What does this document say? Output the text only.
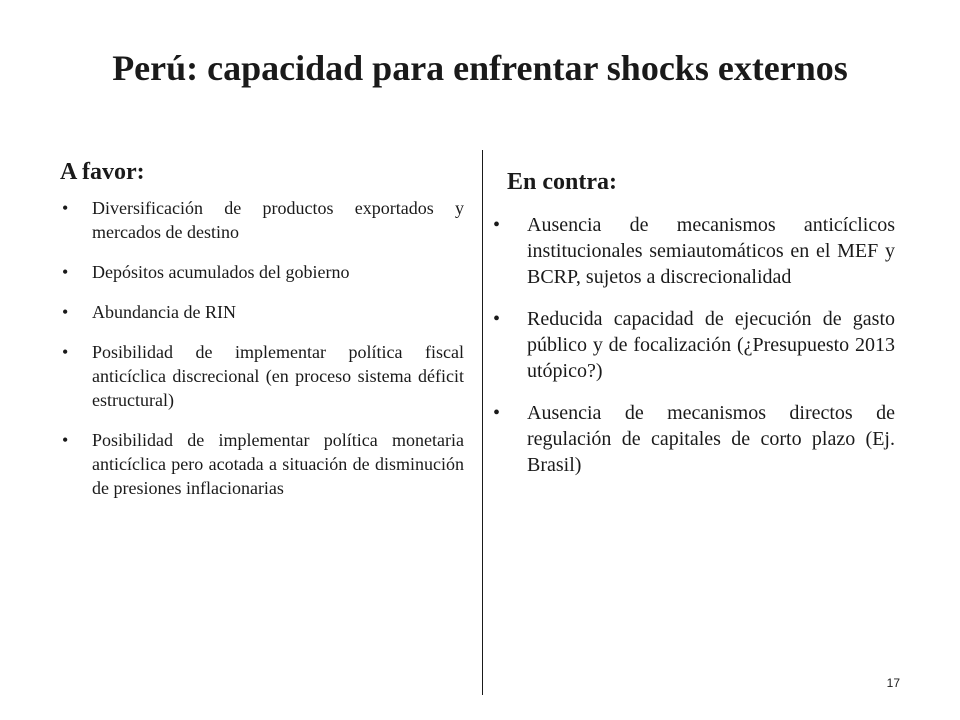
Perú: capacidad para enfrentar shocks externos
A favor:	En contra:
• Diversificación de productos exportados y mercados de destino
• Depósitos acumulados del gobierno
• Abundancia de RIN
• Posibilidad de implementar política fiscal anticíclica discrecional (en proceso sistema déficit estructural)
• Posibilidad de implementar política monetaria anticíclica pero acotada a situación de disminución de presiones inflacionarias
• Ausencia de mecanismos anticíclicos institucionales semiautomáticos en el MEF y BCRP, sujetos a discrecionalidad
• Reducida capacidad de ejecución de gasto público y de focalización (¿Presupuesto 2013 utópico?)
• Ausencia de mecanismos directos de regulación de capitales de corto plazo (Ej. Brasil)
17
